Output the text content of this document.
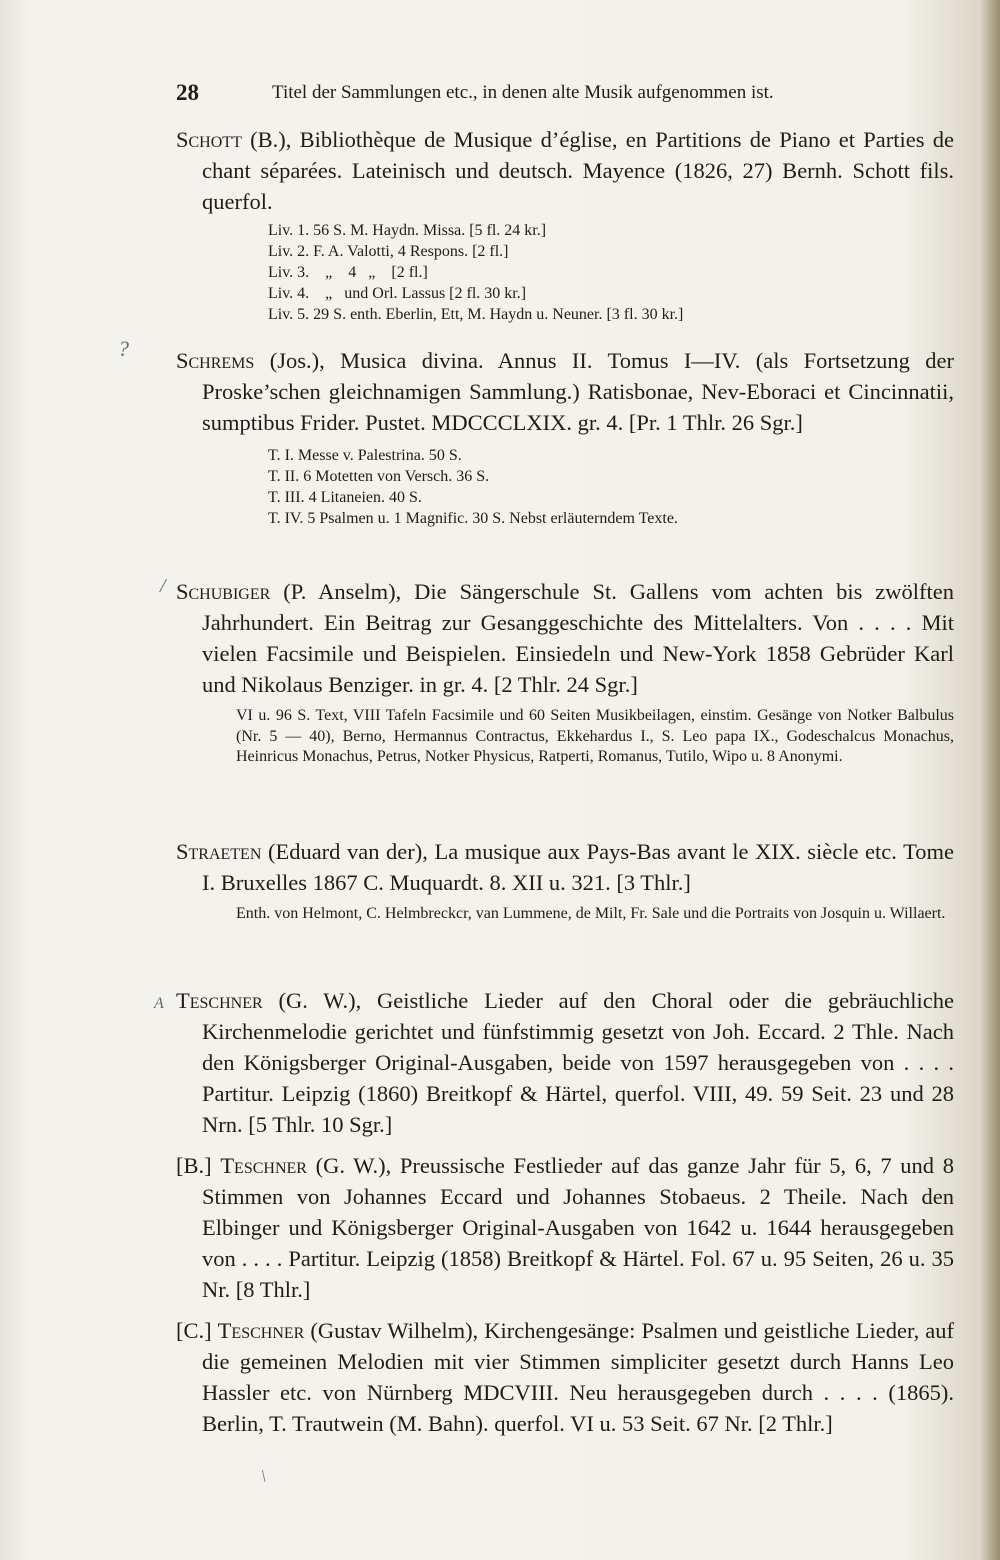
28	Titel der Sammlungen etc., in denen alte Musik aufgenommen ist.
?
/
A
/

Schott (B.), Bibliothèque de Musique d’église, en Partitions de Piano et Parties de chant séparées. Lateinisch und deutsch. Mayence (1826, 27) Bernh. Schott fils. querfol.

Liv. 1. 56 S. M. Haydn. Missa. [5 fl. 24 kr.]
Liv. 2. F. A. Valotti, 4 Respons. [2 fl.]
Liv. 3.    „    4   „    [2 fl.]
Liv. 4.    „   und Orl. Lassus [2 fl. 30 kr.]
Liv. 5. 29 S. enth. Eberlin, Ett, M. Haydn u. Neuner. [3 fl. 30 kr.]

Schrems (Jos.), Musica divina. Annus II. Tomus I—IV. (als Fortsetzung der Proske’schen gleichnamigen Sammlung.) Ratisbonae, Nev-Eboraci et Cincinnatii, sumptibus Frider. Pustet. MDCCCLXIX. gr. 4. [Pr. 1 Thlr. 26 Sgr.]

T. I. Messe v. Palestrina. 50 S.
T. II. 6 Motetten von Versch. 36 S.
T. III. 4 Litaneien. 40 S.
T. IV. 5 Psalmen u. 1 Magnific. 30 S. Nebst erläuterndem Texte.

Schubiger (P. Anselm), Die Sängerschule St. Gallens vom achten bis zwölften Jahrhundert. Ein Beitrag zur Gesanggeschichte des Mittelalters. Von . . . . Mit vielen Facsimile und Beispielen. Einsiedeln und New-York 1858 Gebrüder Karl und Nikolaus Benziger. in gr. 4. [2 Thlr. 24 Sgr.]

VI u. 96 S. Text, VIII Tafeln Facsimile und 60 Seiten Musikbeilagen, einstim. Gesänge von Notker Balbulus (Nr. 5 — 40), Berno, Hermannus Contractus, Ekkehardus I., S. Leo papa IX., Godeschalcus Monachus, Heinricus Monachus, Petrus, Notker Physicus, Ratperti, Romanus, Tutilo, Wipo u. 8 Anonymi.

Straeten (Eduard van der), La musique aux Pays-Bas avant le XIX. siècle etc. Tome I. Bruxelles 1867 C. Muquardt. 8. XII u. 321. [3 Thlr.]

Enth. von Helmont, C. Helmbreckcr, van Lummene, de Milt, Fr. Sale und die Portraits von Josquin u. Willaert.

Teschner (G. W.), Geistliche Lieder auf den Choral oder die gebräuchliche Kirchenmelodie gerichtet und fünfstimmig gesetzt von Joh. Eccard. 2 Thle. Nach den Königsberger Original-Ausgaben, beide von 1597 herausgegeben von . . . . Partitur. Leipzig (1860) Breitkopf & Härtel, querfol. VIII, 49. 59 Seit. 23 und 28 Nrn. [5 Thlr. 10 Sgr.]

[B.] Teschner (G. W.), Preussische Festlieder auf das ganze Jahr für 5, 6, 7 und 8 Stimmen von Johannes Eccard und Johannes Stobaeus. 2 Theile. Nach den Elbinger und Königsberger Original-Ausgaben von 1642 u. 1644 herausgegeben von . . . . Partitur. Leipzig (1858) Breitkopf & Härtel. Fol. 67 u. 95 Seiten, 26 u. 35 Nr. [8 Thlr.]

[C.] Teschner (Gustav Wilhelm), Kirchengesänge: Psalmen und geistliche Lieder, auf die gemeinen Melodien mit vier Stimmen simpliciter gesetzt durch Hanns Leo Hassler etc. von Nürnberg MDCVIII. Neu herausgegeben durch . . . . (1865). Berlin, T. Trautwein (M. Bahn). querfol. VI u. 53 Seit. 67 Nr. [2 Thlr.]
